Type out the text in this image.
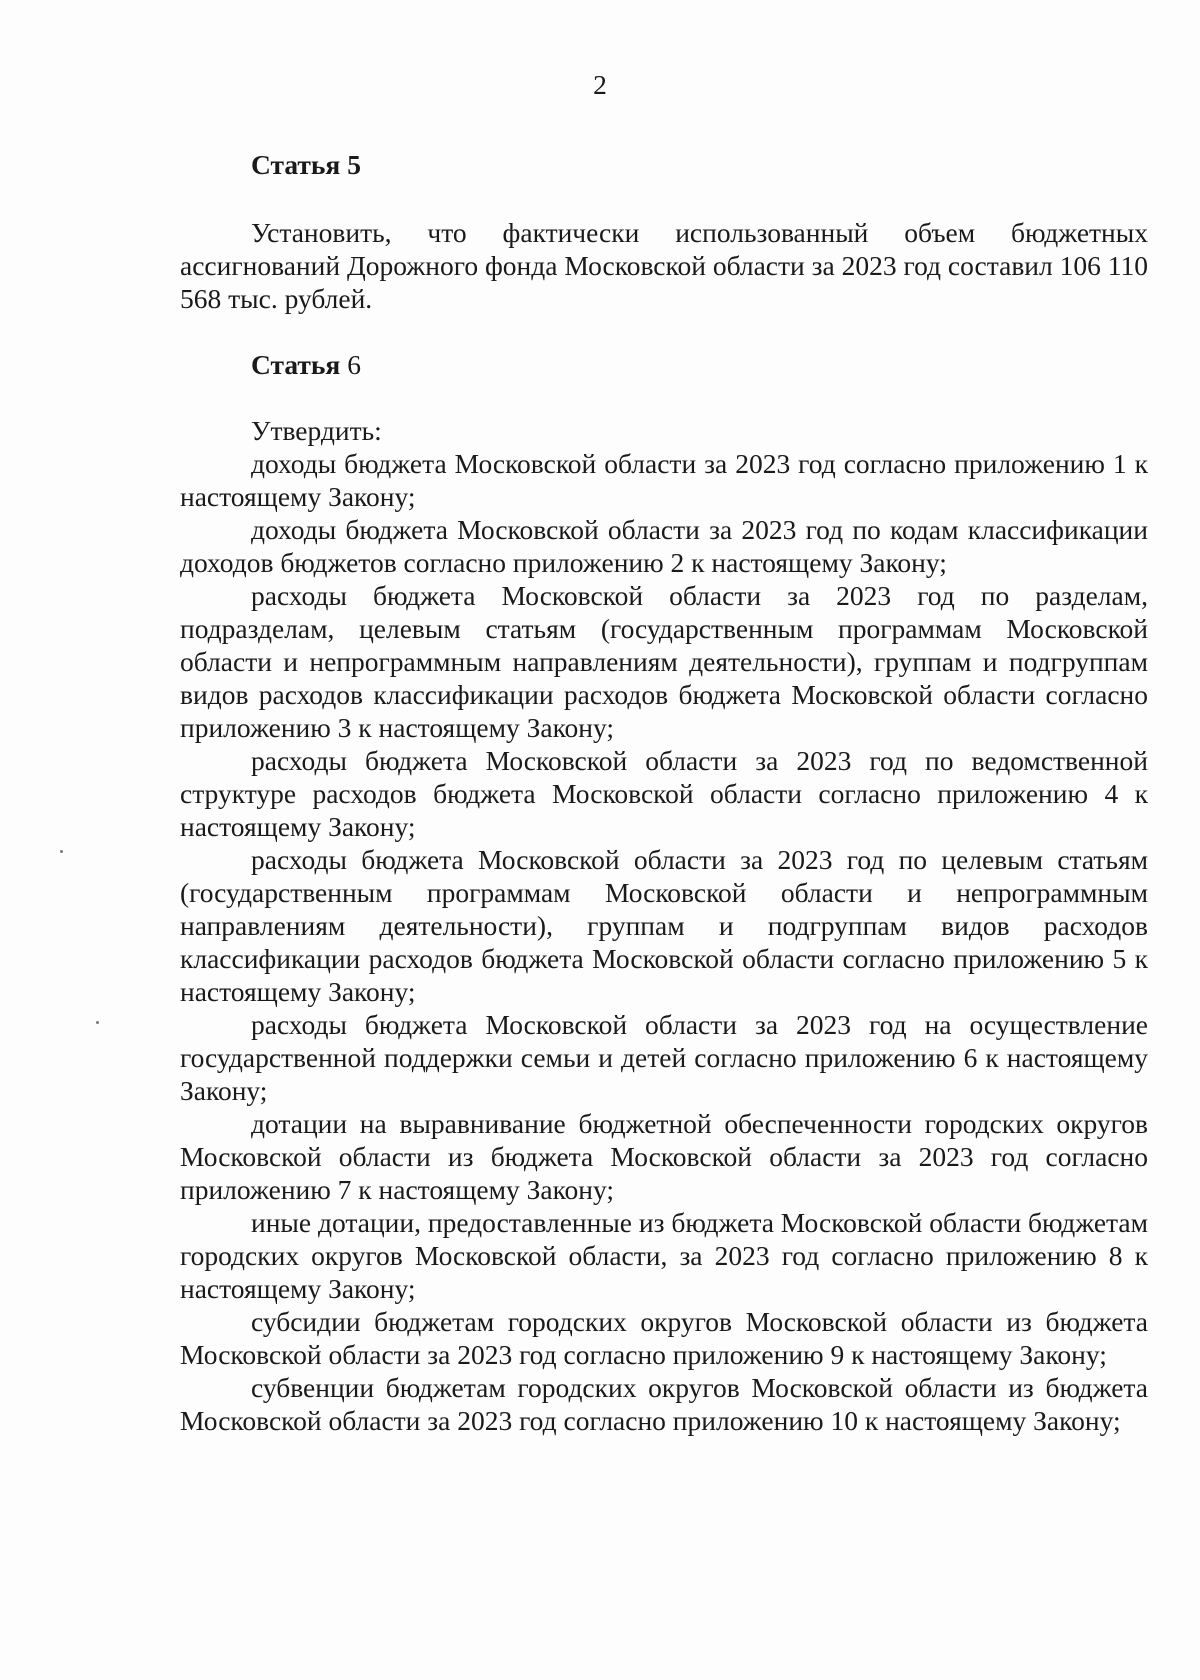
2
Статья 5

Установить, что фактически использованный объем бюджетных ассигнований Дорожного фонда Московской области за 2023 год составил 106 110 568 тыс. рублей.

Статья 6

Утвердить:

доходы бюджета Московской области за 2023 год согласно приложению 1 к настоящему Закону;

доходы бюджета Московской области за 2023 год по кодам классификации доходов бюджетов согласно приложению 2 к настоящему Закону;

расходы бюджета Московской области за 2023 год по разделам, подразделам, целевым статьям (государственным программам Московской области и непрограммным направлениям деятельности), группам и подгруппам видов расходов классификации расходов бюджета Московской области согласно приложению 3 к настоящему Закону;

расходы бюджета Московской области за 2023 год по ведомственной структуре расходов бюджета Московской области согласно приложению 4 к настоящему Закону;

расходы бюджета Московской области за 2023 год по целевым статьям (государственным программам Московской области и непрограммным направлениям деятельности), группам и подгруппам видов расходов классификации расходов бюджета Московской области согласно приложению 5 к настоящему Закону;

расходы бюджета Московской области за 2023 год на осуществление государственной поддержки семьи и детей согласно приложению 6 к настоящему Закону;

дотации на выравнивание бюджетной обеспеченности городских округов Московской области из бюджета Московской области за 2023 год согласно приложению 7 к настоящему Закону;

иные дотации, предоставленные из бюджета Московской области бюджетам городских округов Московской области, за 2023 год согласно приложению 8 к настоящему Закону;

субсидии бюджетам городских округов Московской области из бюджета Московской области за 2023 год согласно приложению 9 к настоящему Закону;

субвенции бюджетам городских округов Московской области из бюджета Московской области за 2023 год согласно приложению 10 к настоящему Закону;
